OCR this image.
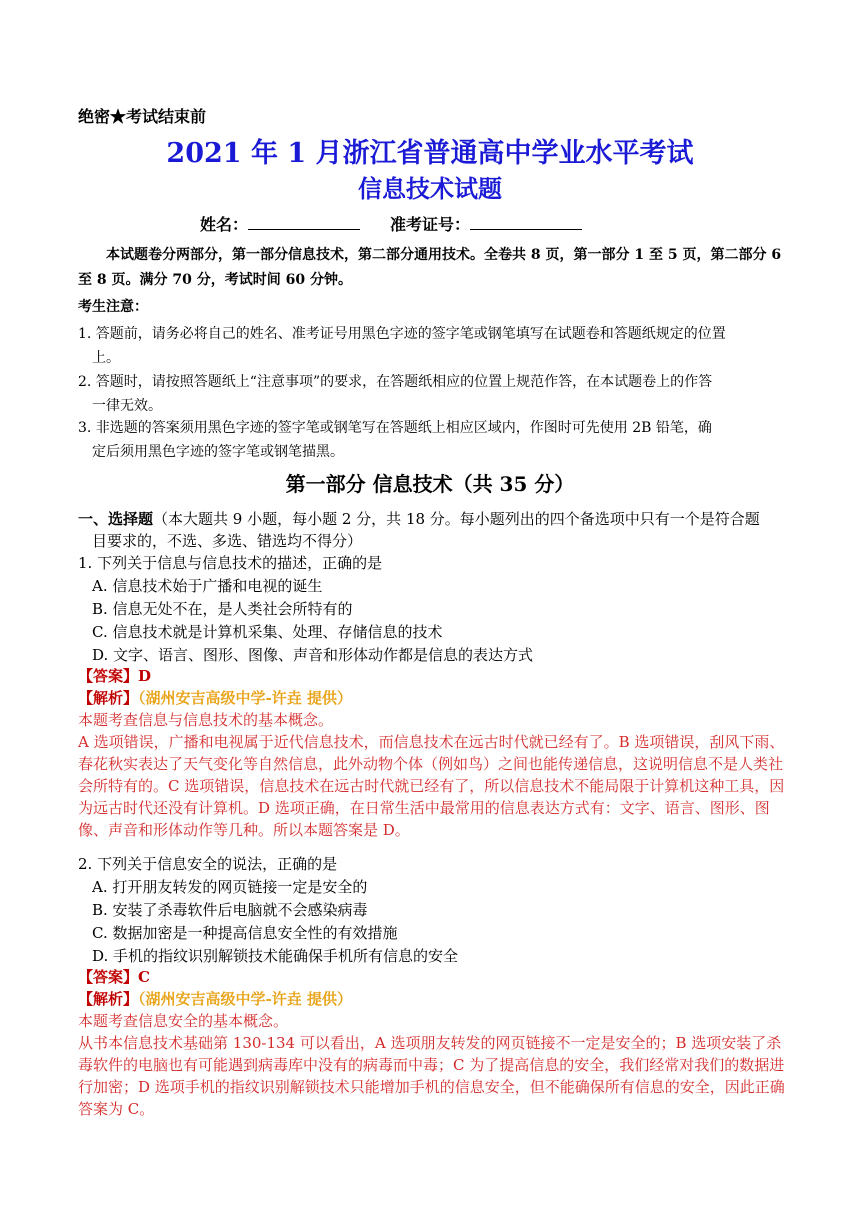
绝密★考试结束前
2021 年 1 月浙江省普通高中学业水平考试
信息技术试题
姓名：	准考证号：
本试题卷分两部分，第一部分信息技术，第二部分通用技术。全卷共 8 页，第一部分 1 至 5 页，第二部分 6 至 8 页。满分 70 分，考试时间 60 分钟。
考生注意：
1. 答题前，请务必将自己的姓名、准考证号用黑色字迹的签字笔或钢笔填写在试题卷和答题纸规定的位置
上。
2. 答题时，请按照答题纸上“注意事项”的要求，在答题纸相应的位置上规范作答，在本试题卷上的作答
一律无效。
3. 非选题的答案须用黑色字迹的签字笔或钢笔写在答题纸上相应区域内，作图时可先使用 2B 铅笔，确
定后须用黑色字迹的签字笔或钢笔描黑。
第一部分 信息技术（共 35 分）
一、选择题（本大题共 9 小题，每小题 2 分，共 18 分。每小题列出的四个备选项中只有一个是符合题
目要求的，不选、多选、错选均不得分）
1. 下列关于信息与信息技术的描述，正确的是
A. 信息技术始于广播和电视的诞生
B. 信息无处不在，是人类社会所特有的
C. 信息技术就是计算机采集、处理、存储信息的技术
D. 文字、语言、图形、图像、声音和形体动作都是信息的表达方式
【答案】D
【解析】（湖州安吉高级中学-许垚 提供）
本题考查信息与信息技术的基本概念。
A 选项错误，广播和电视属于近代信息技术，而信息技术在远古时代就已经有了。B 选项错误，刮风下雨、春花秋实表达了天气变化等自然信息，此外动物个体（例如鸟）之间也能传递信息，这说明信息不是人类社会所特有的。C 选项错误，信息技术在远古时代就已经有了，所以信息技术不能局限于计算机这种工具，因为远古时代还没有计算机。D 选项正确，在日常生活中最常用的信息表达方式有：文字、语言、图形、图像、声音和形体动作等几种。所以本题答案是 D。
2. 下列关于信息安全的说法，正确的是
A. 打开朋友转发的网页链接一定是安全的
B. 安装了杀毒软件后电脑就不会感染病毒
C. 数据加密是一种提高信息安全性的有效措施
D. 手机的指纹识别解锁技术能确保手机所有信息的安全
【答案】C
【解析】（湖州安吉高级中学-许垚 提供）
本题考查信息安全的基本概念。
从书本信息技术基础第 130-134 可以看出，A 选项朋友转发的网页链接不一定是安全的；B 选项安装了杀毒软件的电脑也有可能遇到病毒库中没有的病毒而中毒；C 为了提高信息的安全，我们经常对我们的数据进行加密；D 选项手机的指纹识别解锁技术只能增加手机的信息安全，但不能确保所有信息的安全，因此正确答案为 C。
